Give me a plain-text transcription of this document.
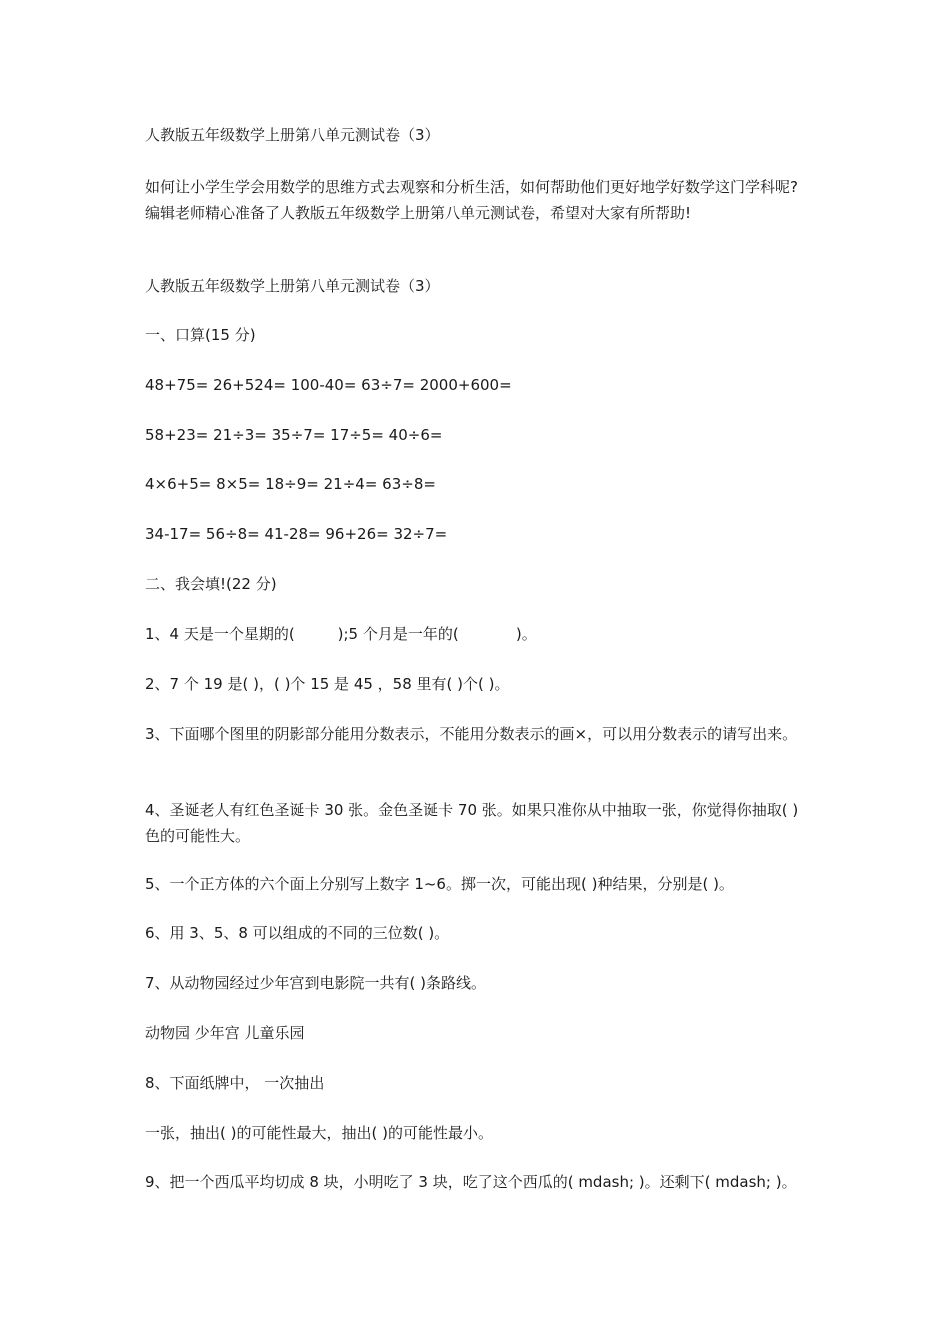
人教版五年级数学上册第八单元测试卷（3）

如何让小学生学会用数学的思维方式去观察和分析生活，如何帮助他们更好地学好数学这门学科呢?编辑老师精心准备了人教版五年级数学上册第八单元测试卷，希望对大家有所帮助!

人教版五年级数学上册第八单元测试卷（3）

一、口算(15 分)

48+75= 26+524= 100-40= 63÷7= 2000+600=

58+23= 21÷3= 35÷7= 17÷5= 40÷6=

4×6+5= 8×5= 18÷9= 21÷4= 63÷8=

34-17= 56÷8= 41-28= 96+26= 32÷7=

二、我会填!(22 分)

1、4 天是一个星期的(         );5 个月是一年的(            )。

2、7 个 19 是( )，( )个 15 是 45 ，58 里有( )个( )。

3、下面哪个图里的阴影部分能用分数表示，不能用分数表示的画×，可以用分数表示的请写出来。

4、圣诞老人有红色圣诞卡 30 张。金色圣诞卡 70 张。如果只准你从中抽取一张，你觉得你抽取( )色的可能性大。

5、一个正方体的六个面上分别写上数字 1~6。掷一次，可能出现( )种结果，分别是( )。

6、用 3、5、8 可以组成的不同的三位数( )。

7、从动物园经过少年宫到电影院一共有( )条路线。

动物园 少年宫 儿童乐园

8、下面纸牌中， 一次抽出

一张，抽出( )的可能性最大，抽出( )的可能性最小。

9、把一个西瓜平均切成 8 块，小明吃了 3 块，吃了这个西瓜的( mdash; )。还剩下( mdash; )。
